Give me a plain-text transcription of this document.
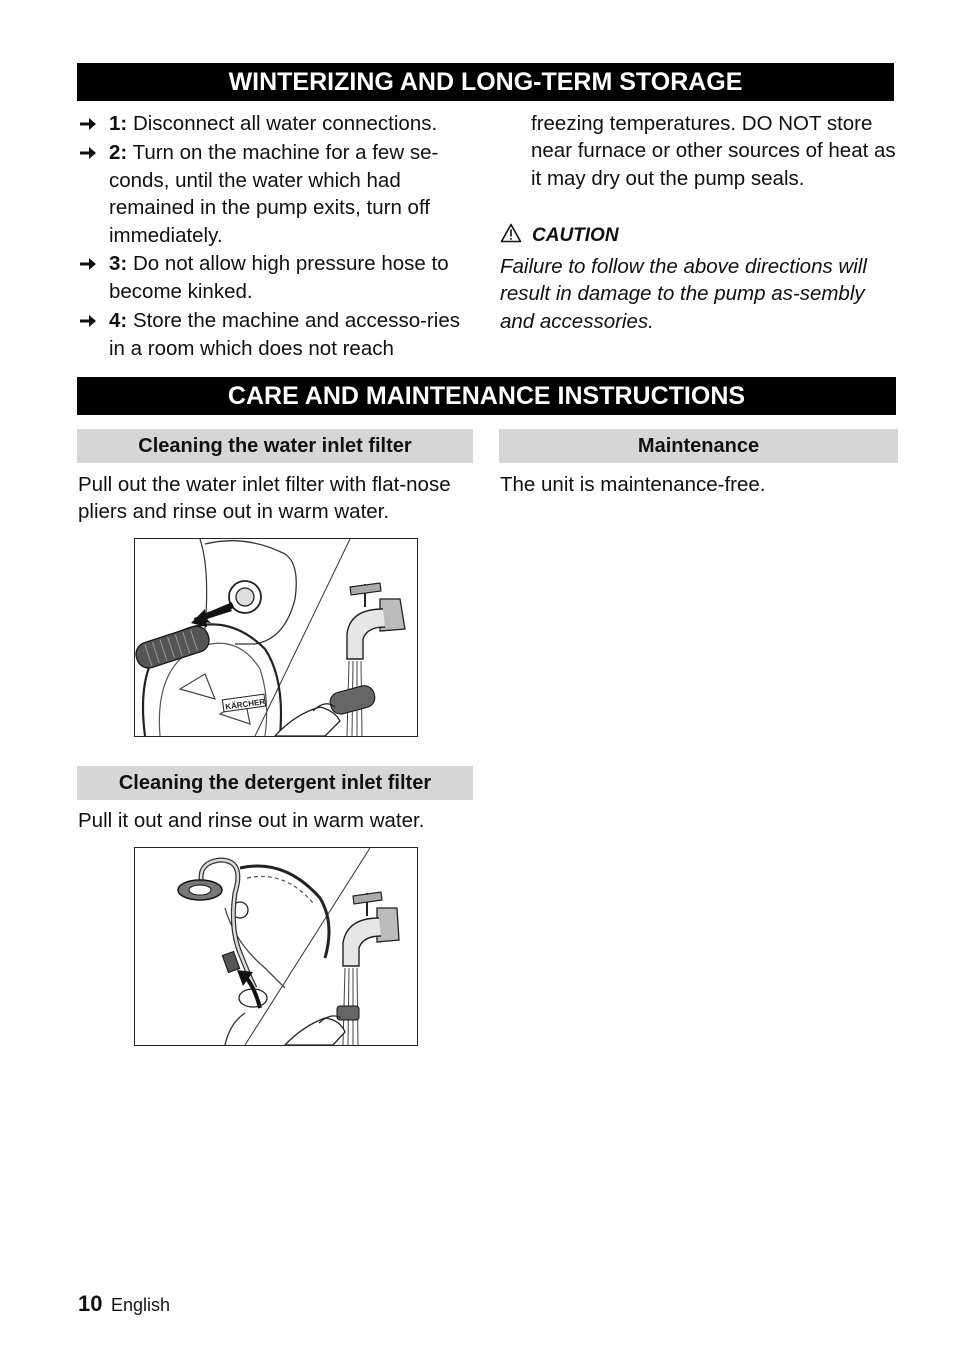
WINTERIZING AND LONG-TERM STORAGE
1: Disconnect all water connections.
2: Turn on the machine for a few se-conds, until the water which had remained in the pump exits, turn off immediately.
3: Do not allow high pressure hose to become kinked.
4: Store the machine and accesso-ries in a room which does not reach
freezing temperatures. DO NOT store near furnace or other sources of heat as it may dry out the pump seals.
CAUTION
Failure to follow the above directions will result in damage to the pump as-sembly and accessories.
CARE AND MAINTENANCE INSTRUCTIONS
Cleaning the water inlet filter	Maintenance
Pull out the water inlet filter with flat-nose pliers and rinse out in warm water.
The unit is maintenance-free.
KÄRCHER
Cleaning the detergent inlet filter
Pull it out and rinse out in warm water.
10 English
